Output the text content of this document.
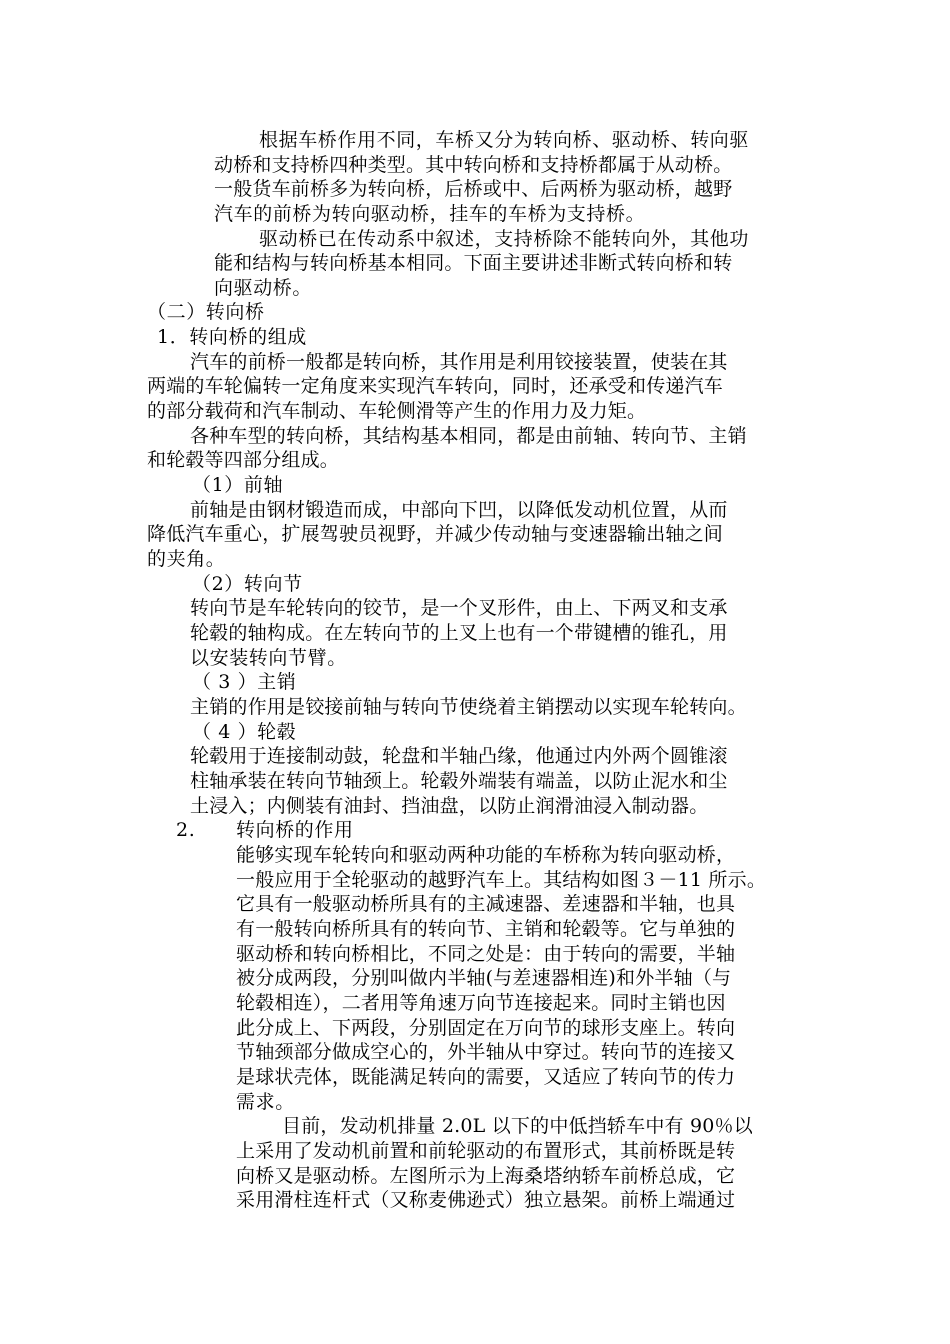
根据车桥作用不同，车桥又分为转向桥、驱动桥、转向驱
动桥和支持桥四种类型。其中转向桥和支持桥都属于从动桥。
一般货车前桥多为转向桥，后桥或中、后两桥为驱动桥，越野
汽车的前桥为转向驱动桥，挂车的车桥为支持桥。
驱动桥已在传动系中叙述，支持桥除不能转向外，其他功
能和结构与转向桥基本相同。下面主要讲述非断式转向桥和转
向驱动桥。
（二）转向桥
1．转向桥的组成
汽车的前桥一般都是转向桥，其作用是利用铰接装置，使装在其
两端的车轮偏转一定角度来实现汽车转向，同时，还承受和传递汽车
的部分载荷和汽车制动、车轮侧滑等产生的作用力及力矩。
各种车型的转向桥，其结构基本相同，都是由前轴、转向节、主销
和轮毂等四部分组成。
（1）前轴
前轴是由钢材锻造而成，中部向下凹，以降低发动机位置，从而
降低汽车重心，扩展驾驶员视野，并减少传动轴与变速器输出轴之间
的夹角。
（2）转向节
转向节是车轮转向的铰节，是一个叉形件，由上、下两叉和支承
轮毂的轴构成。在左转向节的上叉上也有一个带键槽的锥孔，用
以安装转向节臂。
（ 3 ）主销
主销的作用是铰接前轴与转向节使绕着主销摆动以实现车轮转向。
（ 4 ）轮毂
轮毂用于连接制动鼓，轮盘和半轴凸缘，他通过内外两个圆锥滚
柱轴承装在转向节轴颈上。轮毂外端装有端盖，以防止泥水和尘
土浸入；内侧装有油封、挡油盘，以防止润滑油浸入制动器。
2. 转向桥的作用
能够实现车轮转向和驱动两种功能的车桥称为转向驱动桥，
一般应用于全轮驱动的越野汽车上。其结构如图３－11 所示。
它具有一般驱动桥所具有的主减速器、差速器和半轴，也具
有一般转向桥所具有的转向节、主销和轮毂等。它与单独的
驱动桥和转向桥相比，不同之处是：由于转向的需要，半轴
被分成两段，分别叫做内半轴(与差速器相连)和外半轴（与
轮毂相连），二者用等角速万向节连接起来。同时主销也因
此分成上、下两段，分别固定在万向节的球形支座上。转向
节轴颈部分做成空心的，外半轴从中穿过。转向节的连接又
是球状壳体，既能满足转向的需要，又适应了转向节的传力
需求。
目前，发动机排量 2.0L 以下的中低挡轿车中有 90％以
上采用了发动机前置和前轮驱动的布置形式，其前桥既是转
向桥又是驱动桥。左图所示为上海桑塔纳轿车前桥总成，它
采用滑柱连杆式（又称麦佛逊式）独立悬架。前桥上端通过
